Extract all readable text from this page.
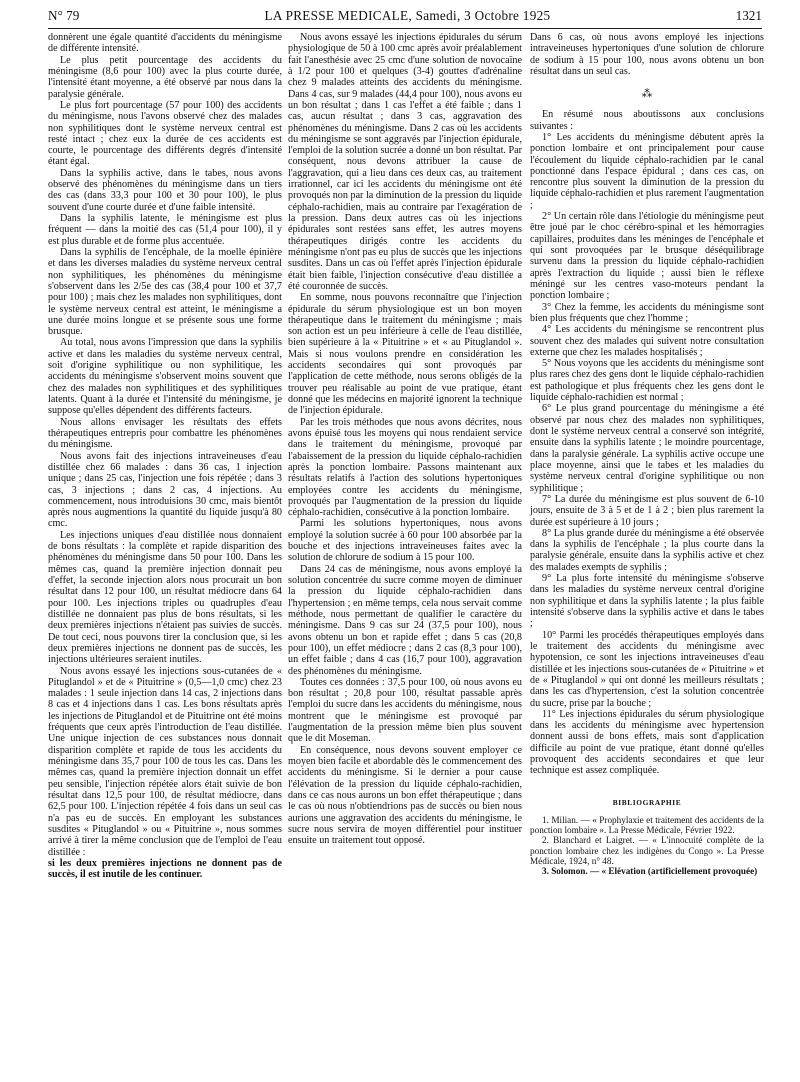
N° 79	LA PRESSE MEDICALE, Samedi, 3 Octobre 1925	1321

donnèrent une égale quantité d'accidents du méningisme de différente intensité.

Le plus petit pourcentage des accidents du méningisme (8,6 pour 100) avec la plus courte durée, l'intensité étant moyenne, a été observé par nous dans la paralysie générale.

Le plus fort pourcentage (57 pour 100) des accidents du méningisme, nous l'avons observé chez des malades non syphilitiques dont le système nerveux central est resté intact ; chez eux la durée de ces accidents est courte, le pourcentage des différents degrés d'intensité étant égal.

Dans la syphilis active, dans le tabes, nous avons observé des phénomènes du méningisme dans un tiers des cas (dans 33,3 pour 100 et 30 pour 100), le plus souvent d'une courte durée et d'une faible intensité.

Dans la syphilis latente, le méningisme est plus fréquent — dans la moitié des cas (51,4 pour 100), il y est plus durable et de forme plus accentuée.

Dans la syphilis de l'encéphale, de la moelle épinière et dans les diverses maladies du système nerveux central non syphilitiques, les phénomènes du méningisme s'observent dans les 2/5e des cas (38,4 pour 100 et 37,7 pour 100) ; mais chez les malades non syphilitiques, dont le système nerveux central est atteint, le méningisme a une durée moins longue et se présente sous une forme brusque.

Au total, nous avons l'impression que dans la syphilis active et dans les maladies du système nerveux central, soit d'origine syphilitique ou non syphilitique, les accidents du méningisme s'observent moins souvent que chez des malades non syphilitiques et des syphilitiques latents. Quant à la durée et l'intensité du méningisme, je suppose qu'elles dépendent des différents facteurs.

Nous allons envisager les résultats des effets thérapeutiques entrepris pour combattre les phénomènes du méningisme.

Nous avons fait des injections intraveineuses d'eau distillée chez 66 malades : dans 36 cas, 1 injection unique ; dans 25 cas, l'injection une fois répétée ; dans 3 cas, 3 injections ; dans 2 cas, 4 injections. Au commencement, nous introduisions 30 cmc, mais bientôt après nous augmentions la quantité du liquide jusqu'à 80 cmc.

Les injections uniques d'eau distillée nous donnaient de bons résultats : la complète et rapide disparition des phénomènes du méningisme dans 50 pour 100. Dans les mêmes cas, quand la première injection donnait peu d'effet, la seconde injection alors nous procurait un bon résultat dans 12 pour 100, un résultat médiocre dans 64 pour 100. Les injections triples ou quadruples d'eau distillée ne donnaient pas plus de bons résultats, si les deux premières injections n'étaient pas suivies de succès. De tout ceci, nous pouvons tirer la conclusion que, si les deux premières injections ne donnent pas de succès, les injections ultérieures seraient inutiles.

Nous avons essayé les injections sous-cutanées de « Pituglandol » et de « Pituitrine » (0,5—1,0 cmc) chez 23 malades : 1 seule injection dans 14 cas, 2 injections dans 8 cas et 4 injections dans 1 cas. Les bons résultats après les injections de Pituglandol et de Pituitrine ont été moins fréquents que ceux après l'introduction de l'eau distillée. Une unique injection de ces substances nous donnait disparition complète et rapide de tous les accidents du méningisme dans 35,7 pour 100 de tous les cas. Dans les mêmes cas, quand la première injection donnait un effet peu sensible, l'injection répétée alors était suivie de bon résultat dans 12,5 pour 100, de résultat médiocre, dans 62,5 pour 100. L'injection répétée 4 fois dans un seul cas n'a pas eu de succès. En employant les substances susdites « Pituglandol » ou « Pituitrine », nous sommes arrivé à tirer la même conclusion que de l'emploi de l'eau distillée :

si les deux premières injections ne donnent pas de succès, il est inutile de les continuer.

Nous avons essayé les injections épidurales du sérum physiologique de 50 à 100 cmc après avoir préalablement fait l'anesthésie avec 25 cmc d'une solution de novocaïne à 1/2 pour 100 et quelques (3-4) gouttes d'adrénaline chez 9 malades atteints des accidents du méningisme. Dans 4 cas, sur 9 malades (44,4 pour 100), nous avons eu un bon résultat ; dans 1 cas l'effet a été faible ; dans 1 cas, aucun résultat ; dans 3 cas, aggravation des phénomènes du méningisme. Dans 2 cas où les accidents du méningisme se sont aggravés par l'injection épidurale, l'emploi de la solution sucrée a donné un bon résultat. Par conséquent, nous devons attribuer la cause de l'aggravation, qui a lieu dans ces deux cas, au traitement irrationnel, car ici les accidents du méningisme ont été provoqués non par la diminution de la pression du liquide céphalo-rachidien, mais au contraire par l'exagération de la pression. Dans deux autres cas où les injections épidurales sont restées sans effet, les autres moyens thérapeutiques dirigés contre les accidents du méningisme n'ont pas eu plus de succès que les injections susdites. Dans un cas où l'effet après l'injection épidurale était bien faible, l'injection consécutive d'eau distillée a été couronnée de succès.

En somme, nous pouvons reconnaître que l'injection épidurale du sérum physiologique est un bon moyen thérapeutique dans le traitement du méningisme ; mais son action est un peu inférieure à celle de l'eau distillée, bien supérieure à la « Pituitrine » et « au Pituglandol ». Mais si nous voulons prendre en considération les accidents secondaires qui sont provoqués par l'application de cette méthode, nous serons obligés de la trouver peu réalisable au point de vue pratique, étant donné que les médecins en majorité ignorent la technique de l'injection épidurale.

Par les trois méthodes que nous avons décrites, nous avons épuisé tous les moyens qui nous rendaient service dans le traitement du méningisme, provoqué par l'abaissement de la pression du liquide céphalo-rachidien après la ponction lombaire. Passons maintenant aux résultats relatifs à l'action des solutions hypertoniques employées contre les accidents du méningisme, provoqués par l'augmentation de la pression du liquide céphalo-rachidien, consécutive à la ponction lombaire.

Parmi les solutions hypertoniques, nous avons employé la solution sucrée à 60 pour 100 absorbée par la bouche et des injections intraveineuses faites avec la solution de chlorure de sodium à 15 pour 100.

Dans 24 cas de méningisme, nous avons employé la solution concentrée du sucre comme moyen de diminuer la pression du liquide céphalo-rachidien dans l'hypertension ; en même temps, cela nous servait comme méthode, nous permettant de qualifier le caractère du méningisme. Dans 9 cas sur 24 (37,5 pour 100), nous avons obtenu un bon et rapide effet ; dans 5 cas (20,8 pour 100), un effet médiocre ; dans 2 cas (8,3 pour 100), un effet faible ; dans 4 cas (16,7 pour 100), aggravation des phénomènes du méningisme.

Toutes ces données : 37,5 pour 100, où nous avons eu bon résultat ; 20,8 pour 100, résultat passable après l'emploi du sucre dans les accidents du méningisme, nous montrent que le méningisme est provoqué par l'augmentation de la pression même bien plus souvent que le dit Moseman.

En conséquence, nous devons souvent employer ce moyen bien facile et abordable dès le commencement des accidents du méningisme. Si le dernier a pour cause l'élévation de la pression du liquide céphalo-rachidien, dans ce cas nous aurons un bon effet thérapeutique ; dans le cas où nous n'obtiendrions pas de succès ou bien nous aurions une aggravation des accidents du méningisme, le sucre nous servira de moyen différentiel pour instituer ensuite un traitement tout opposé.

Dans 6 cas, où nous avons employé les injections intraveineuses hypertoniques d'une solution de chlorure de sodium à 15 pour 100, nous avons obtenu un bon résultat dans un seul cas.

⁂

En résumé nous aboutissons aux conclusions suivantes :

1° Les accidents du méningisme débutent après la ponction lombaire et ont principalement pour cause l'écoulement du liquide céphalo-rachidien par le canal ponctionné dans l'espace épidural ; dans ces cas, on rencontre plus souvent la diminution de la pression du liquide céphalo-rachidien et plus rarement l'augmentation ;

2° Un certain rôle dans l'étiologie du méningisme peut être joué par le choc cérébro-spinal et les hémorragies capillaires, produites dans les méninges de l'encéphale et qui sont provoquées par le brusque déséquilibrage survenu dans la pression du liquide céphalo-rachidien après l'extraction du liquide ; aussi bien le réflexe méningé sur les centres vaso-moteurs pendant la ponction lombaire ;

3° Chez la femme, les accidents du méningisme sont bien plus fréquents que chez l'homme ;

4° Les accidents du méningisme se rencontrent plus souvent chez des malades qui suivent notre consultation externe que chez les malades hospitalisés ;

5° Nous voyons que les accidents du méningisme sont plus rares chez des gens dont le liquide céphalo-rachidien est pathologique et plus fréquents chez les gens dont le liquide céphalo-rachidien est normal ;

6° Le plus grand pourcentage du méningisme a été observé par nous chez des malades non syphilitiques, dont le système nerveux central a conservé son intégrité, ensuite dans la syphilis latente ; le moindre pourcentage, dans la paralysie générale. La syphilis active occupe une place moyenne, ainsi que le tabes et les maladies du système nerveux central d'origine syphilitique ou non syphilitique ;

7° La durée du méningisme est plus souvent de 6-10 jours, ensuite de 3 à 5 et de 1 à 2 ; bien plus rarement la durée est supérieure à 10 jours ;

8° La plus grande durée du méningisme a été observée dans la syphilis de l'encéphale ; la plus courte dans la paralysie générale, ensuite dans la syphilis active et chez des malades exempts de syphilis ;

9° La plus forte intensité du méningisme s'observe dans les maladies du système nerveux central d'origine non syphilitique et dans la syphilis latente ; la plus faible intensité s'observe dans la syphilis active et dans le tabes ;

10° Parmi les procédés thérapeutiques employés dans le traitement des accidents du méningisme avec hypotension, ce sont les injections intraveineuses d'eau distillée et les injections sous-cutanées de « Pituitrine » et de « Pituglandol » qui ont donné les meilleurs résultats ; dans les cas d'hypertension, c'est la solution concentrée du sucre, prise par la bouche ;

11° Les injections épidurales du sérum physiologique dans les accidents du méningisme avec hypertension donnent aussi de bons effets, mais sont d'application difficile au point de vue pratique, étant donné qu'elles provoquent des accidents secondaires et que leur technique est assez compliquée.

BIBLIOGRAPHIE

1. Milian. — « Prophylaxie et traitement des accidents de la ponction lombaire ». La Presse Médicale, Février 1922.

2. Blanchard et Laigret. — « L'innocuité complète de la ponction lombaire chez les indigènes du Congo ». La Presse Médicale, 1924, n° 48.

3. Solomon. — « Elévation (artificiellement provoquée)
